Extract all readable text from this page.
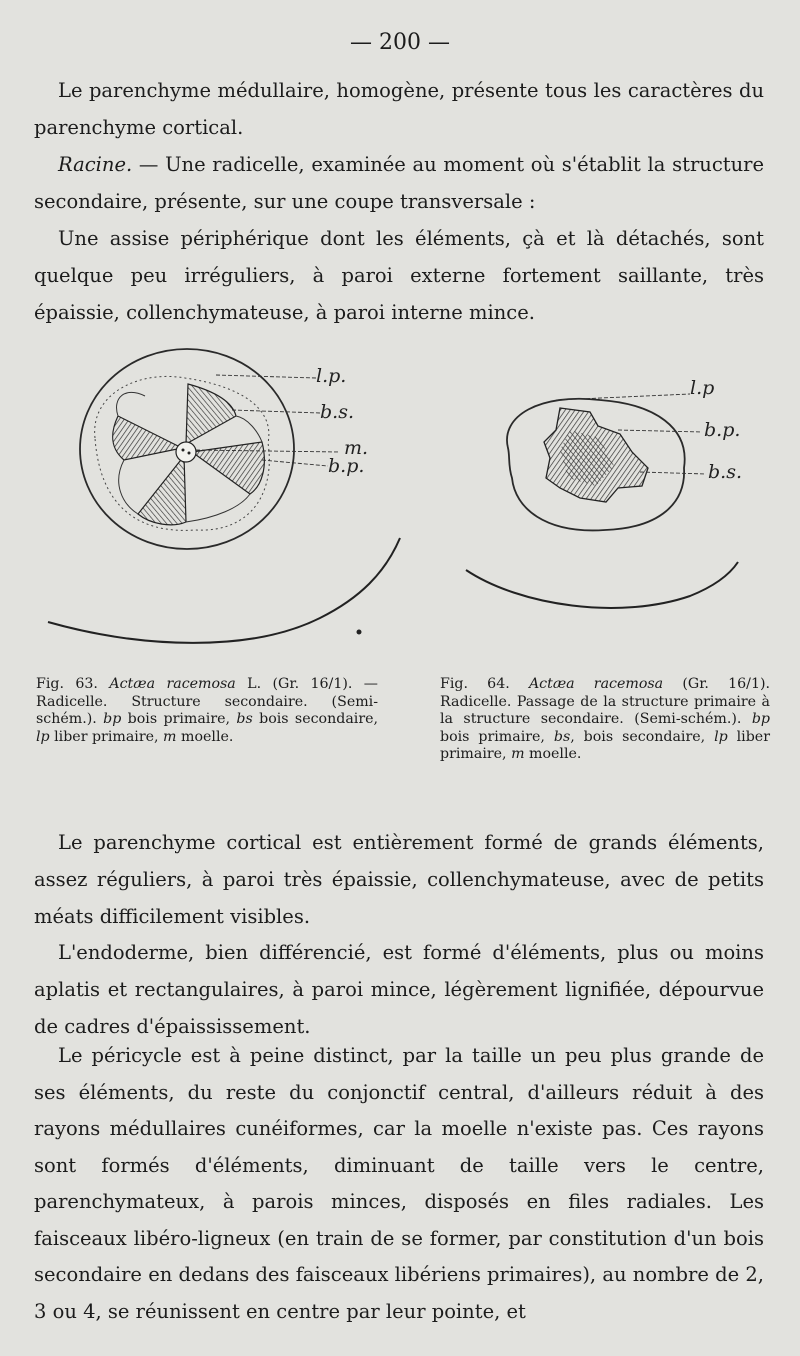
— 200 —

Le parenchyme médullaire, homogène, présente tous les caractères du parenchyme cortical.

Racine. — Une radicelle, examinée au moment où s'établit la structure secondaire, présente, sur une coupe transversale :

Une assise périphérique dont les éléments, çà et là détachés, sont quelque peu irréguliers, à paroi externe fortement saillante, très épaissie, collenchymateuse, à paroi interne mince.

l.p.
b.s.
m.
b.p.
l.p
b.p.
b.s.
Fig. 63. Actæa racemosa L. (Gr. 16/1). — Radicelle. Structure secondaire. (Semi-schém.). bp bois primaire, bs bois secondaire, lp liber primaire, m moelle.
Fig. 64. Actæa racemosa (Gr. 16/1). Radicelle. Passage de la structure primaire à la structure secondaire. (Semi-schém.). bp bois primaire, bs, bois secondaire, lp liber primaire, m moelle.

Le parenchyme cortical est entièrement formé de grands éléments, assez réguliers, à paroi très épaissie, collenchymateuse, avec de petits méats difficilement visibles.

L'endoderme, bien différencié, est formé d'éléments, plus ou moins aplatis et rectangulaires, à paroi mince, légèrement lignifiée, dépourvue de cadres d'épaississement.

Le péricycle est à peine distinct, par la taille un peu plus grande de ses éléments, du reste du conjonctif central, d'ailleurs réduit à des rayons médullaires cunéiformes, car la moelle n'existe pas. Ces rayons sont formés d'éléments, diminuant de taille vers le centre, parenchymateux, à parois minces, disposés en files radiales. Les faisceaux libéro-ligneux (en train de se former, par constitution d'un bois secondaire en dedans des faisceaux libériens primaires), au nombre de 2, 3 ou 4, se réunissent en centre par leur pointe, et
